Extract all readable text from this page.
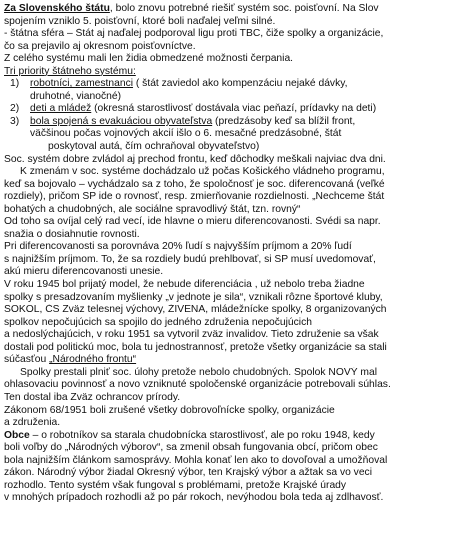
Za Slovenského štátu, bolo znovu potrebné riešiť systém soc. poisťovní. Na Slov
spojením vzniklo 5. poisťovní, ktoré boli naďalej veľmi silné.
- štátna sféra – Štát aj naďalej podporoval ligu proti TBC, čiže spolky a organizácie,
čo sa prejavilo aj okresnom poisťovníctve.
Z celého systému mali len židia obmedzené možnosti čerpania.
Tri priority štátneho systému:
1)	robotníci, zamestnanci ( štát zaviedol ako kompenzáciu nejaké dávky,
druhotné, vianočné)
2)	deti a mládež (okresná starostlivosť dostávala viac peňazí, prídavky na deti)
3)	bola spojená s evakuáciou obyvateľstva (predzásoby keď sa blížil front,
väčšinou počas vojnových akcií išlo o 6. mesačné predzásobné, štát
poskytoval autá, čím ochraňoval obyvateľstvo)
Soc. systém dobre zvládol aj prechod frontu, keď dôchodky meškali najviac dva dni.
K zmenám v soc. systéme dochádzalo už počas Košického vládneho programu,
keď sa bojovalo – vychádzalo sa z toho, že spoločnosť je soc. diferencovaná (veľké
rozdiely), pričom SP ide o rovnosť, resp. zmierňovanie rozdielnosti. „Nechceme štát
bohatých a chudobných, ale sociálne spravodlivý štát, tzn. rovný“
Od toho sa ovíjal celý rad vecí, ide hlavne o mieru diferencovanosti. Švédi sa napr.
snažia o dosiahnutie rovnosti.
Pri diferencovanosti sa porovnáva 20% ľudí s najvyšším príjmom a 20% ľudí
s najnižším príjmom. To, že sa rozdiely budú prehlbovať, si SP musí uvedomovať,
akú mieru diferencovanosti unesie.
V roku 1945 bol prijatý model, že nebude diferenciácia , už nebolo treba žiadne
spolky s presadzovaním myšlienky „v jednote je sila“, vznikali rôzne športové kluby,
SOKOL, ČS Zväz telesnej výchovy, ŽIVENA, mládežnícke spolky, 8 organizovaných
spolkov nepočujúcich sa spojilo do jedného združenia nepočujúcich
a nedoslýchajúcich, v roku 1951 sa vytvoril zväz invalidov. Tieto združenie sa však
dostali pod politickú moc, bola tu jednostrannosť, pretože všetky organizácie sa stali
súčasťou „Národného frontu“
Spolky prestali plniť soc. úlohy pretože nebolo chudobných. Spolok NOVÝ mal
ohlasovaciu povinnosť a novo vzniknuté spoločenské organizácie potrebovali súhlas.
Ten dostal iba Zväz ochrancov prírody.
Zákonom 68/1951 boli zrušené všetky dobrovoľnícke spolky, organizácie
a združenia.
Obce – o robotníkov sa starala chudobnícka starostlivosť, ale po roku 1948, kedy
boli voľby do „Národných výborov“, sa zmenil obsah fungovania obcí, pričom obec
bola najnižším článkom samosprávy. Mohla konať len ako to dovoľoval a umožňoval
zákon. Národný výbor žiadal Okresný výbor, ten Krajský výbor a ažtak sa vo veci
rozhodlo. Tento systém však fungoval s problémami, pretože Krajské úrady
v mnohých prípadoch rozhodli až po pár rokoch, nevýhodou bola teda aj zdlhavosť.
